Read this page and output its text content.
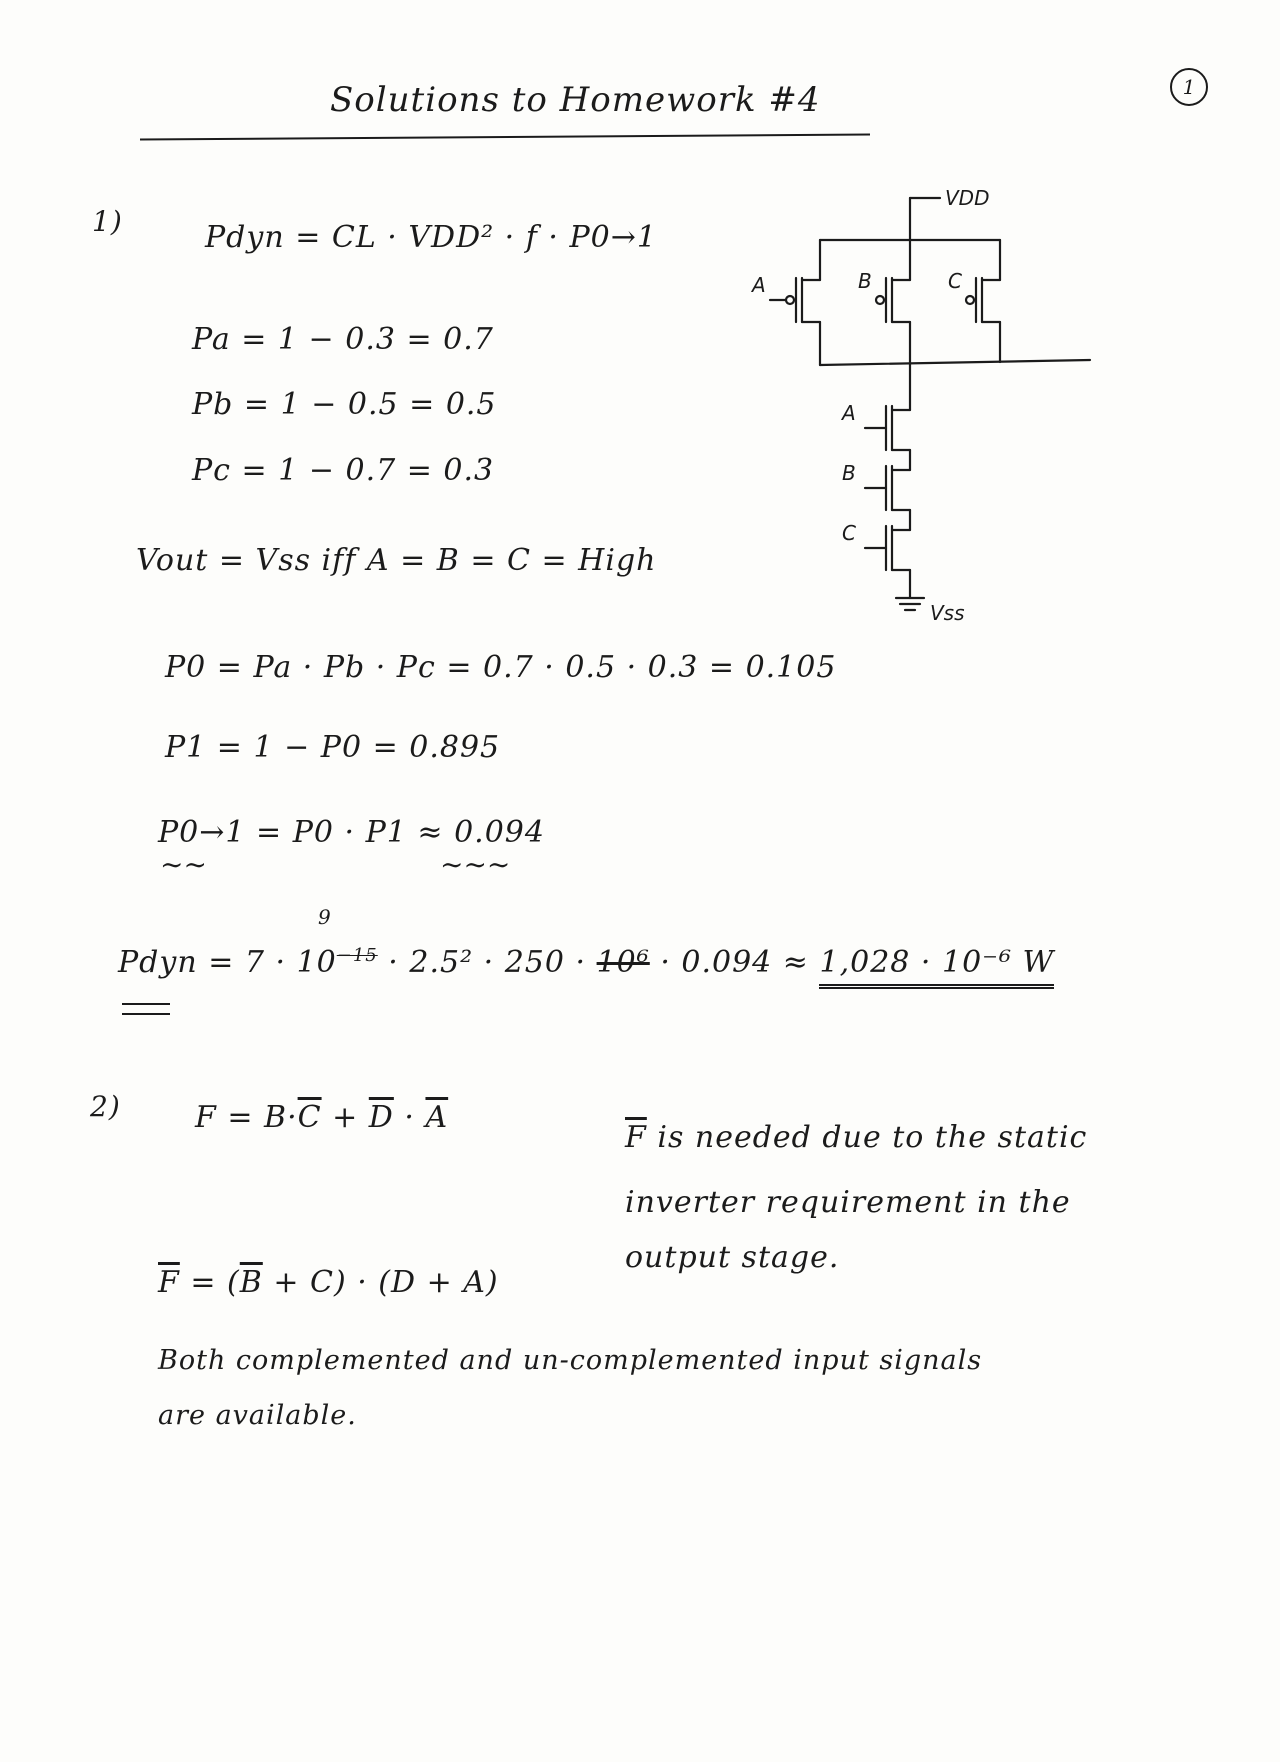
Solutions to Homework #4	1
1)	Pdyn = CL · VDD² · f · P0→1
Pa = 1 − 0.3 = 0.7
Pb = 1 − 0.5 = 0.5
Pc = 1 − 0.7 = 0.3
Vout = Vss iff A = B = C = High
P0 = Pa · Pb · Pc = 0.7 · 0.5 · 0.3 = 0.105
P1 = 1 − P0 = 0.895
P0→1 = P0 · P1 ≈ 0.094
∼∼	∼∼∼
9
Pdyn = $7 \cdot 10^{-15} \cdot 2.5^2 \cdot 250 \cdot 10^6 \cdot 0.094 \approx 1,028 \cdot 10^{-6}$ W
VDD
Vss
A	B	C
A
B
C
2) $F = B\cdot\overline{C} + \overline{D} \cdot \overline{A}$
$\overline{F}$ is needed due to the static
inverter requirement in the
output stage.
$\overline{F} = (\overline{B} + C) \cdot (D + A)$
Both complemented and un-complemented input signals
are available.
